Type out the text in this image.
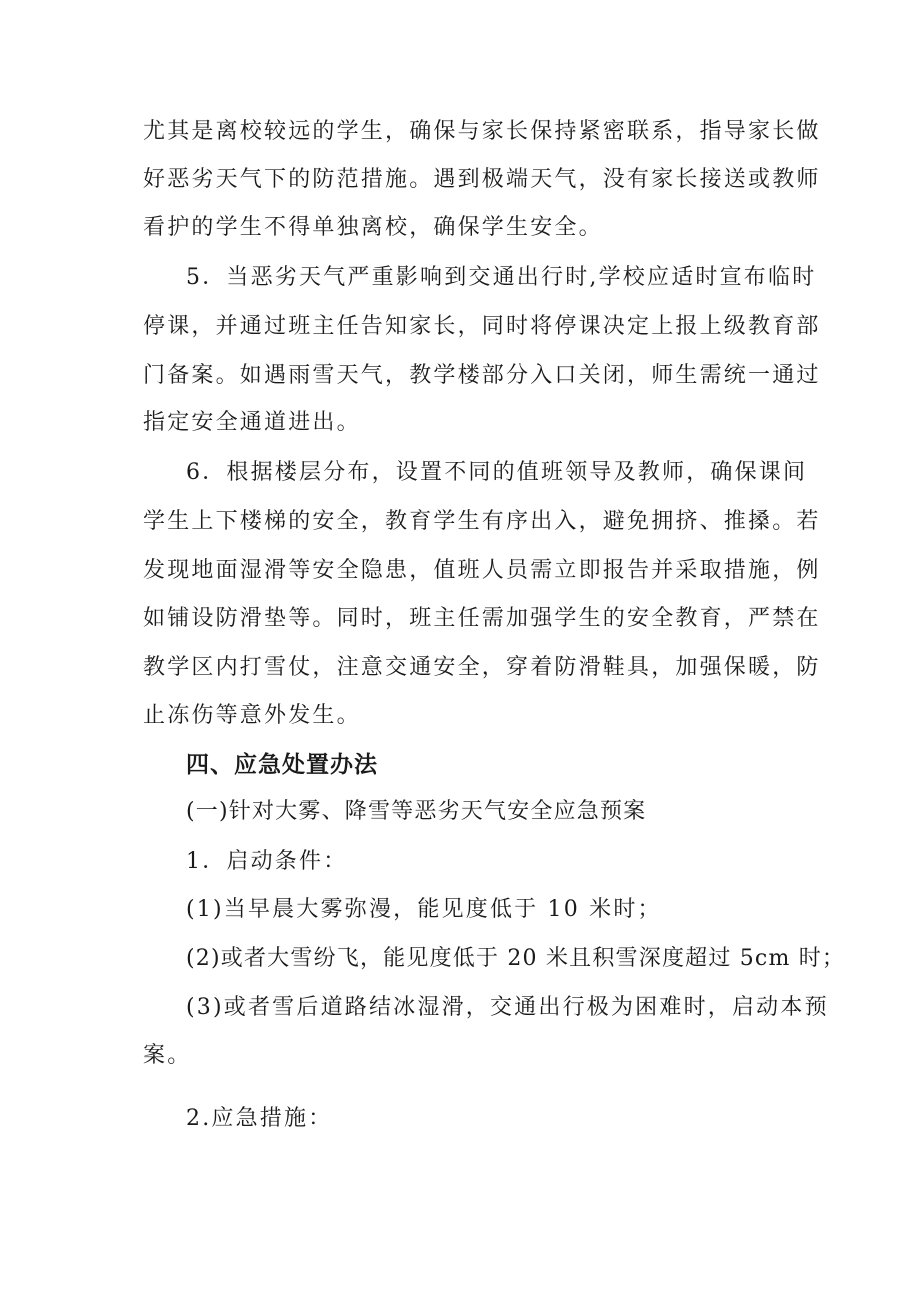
尤其是离校较远的学生，确保与家长保持紧密联系，指导家长做
好恶劣天气下的防范措施。遇到极端天气，没有家长接送或教师
看护的学生不得单独离校，确保学生安全。
5．当恶劣天气严重影响到交通出行时,学校应适时宣布临时
停课，并通过班主任告知家长，同时将停课决定上报上级教育部
门备案。如遇雨雪天气，教学楼部分入口关闭，师生需统一通过
指定安全通道进出。
6．根据楼层分布，设置不同的值班领导及教师，确保课间
学生上下楼梯的安全，教育学生有序出入，避免拥挤、推搡。若
发现地面湿滑等安全隐患，值班人员需立即报告并采取措施，例
如铺设防滑垫等。同时，班主任需加强学生的安全教育，严禁在
教学区内打雪仗，注意交通安全，穿着防滑鞋具，加强保暖，防
止冻伤等意外发生。
四、应急处置办法
(一)针对大雾、降雪等恶劣天气安全应急预案
1．启动条件：
(1)当早晨大雾弥漫，能见度低于 10 米时；
(2)或者大雪纷飞，能见度低于 20 米且积雪深度超过 5cm 时；
(3)或者雪后道路结冰湿滑，交通出行极为困难时，启动本预
案。
2.应急措施：
